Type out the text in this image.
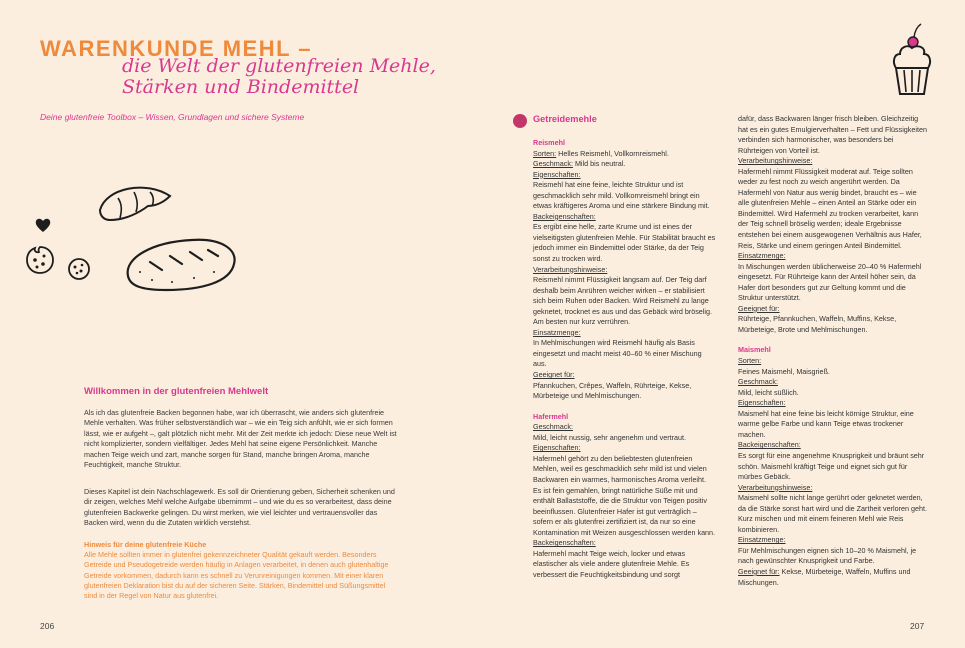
WARENKUNDE MEHL –
die Welt der glutenfreien Mehle,
Stärken und Bindemittel
Deine glutenfreie Toolbox – Wissen, Grundlagen und sichere Systeme
Willkommen in der glutenfreien Mehlwelt
Als ich das glutenfreie Backen begonnen habe, war ich überrascht, wie anders sich glutenfreie Mehle verhalten. Was früher selbstverständlich war – wie ein Teig sich anfühlt, wie er sich formen lässt, wie er aufgeht –, galt plötzlich nicht mehr. Mit der Zeit merkte ich jedoch: Diese neue Welt ist nicht komplizierter, sondern vielfältiger. Jedes Mehl hat seine eigene Persönlichkeit. Manche machen Teige weich und zart, manche sorgen für Stand, manche bringen Aroma, manche Feuchtigkeit, manche Struktur.
Dieses Kapitel ist dein Nachschlagewerk. Es soll dir Orientierung geben, Sicherheit schenken und dir zeigen, welches Mehl welche Aufgabe übernimmt – und wie du es so verarbeitest, dass deine glutenfreien Backwerke gelingen. Du wirst merken, wie viel leichter und vertrauensvoller das Backen wird, wenn du die Zutaten wirklich verstehst.
Hinweis für deine glutenfreie Küche
Alle Mehle sollten immer in glutenfrei gekennzeichneter Qualität gekauft werden. Besonders Getreide und Pseudogetreide werden häufig in Anlagen verarbeitet, in denen auch glutenhaltige Getreide vorkommen, dadurch kann es schnell zu Verunreinigungen kommen. Mit einer klaren glutenfreien Deklaration bist du auf der sicheren Seite. Stärken, Bindemittel und Süßungsmittel sind in der Regel von Natur aus glutenfrei.
206
Getreidemehle
Reismehl
Sorten: Helles Reismehl, Vollkornreismehl.
Geschmack: Mild bis neutral.
Eigenschaften:
Reismehl hat eine feine, leichte Struktur und ist geschmacklich sehr mild. Vollkornreismehl bringt ein etwas kräftigeres Aroma und eine stärkere Bindung mit.
Backeigenschaften:
Es ergibt eine helle, zarte Krume und ist eines der vielseitigsten glutenfreien Mehle. Für Stabilität braucht es jedoch immer ein Bindemittel oder Stärke, da der Teig sonst zu trocken wird.
Verarbeitungshinweise:
Reismehl nimmt Flüssigkeit langsam auf. Der Teig darf deshalb beim Anrühren weicher wirken – er stabilisiert sich beim Ruhen oder Backen. Wird Reismehl zu lange geknetet, trocknet es aus und das Gebäck wird bröselig. Am besten nur kurz verrühren.
Einsatzmenge:
In Mehlmischungen wird Reismehl häufig als Basis eingesetzt und macht meist 40–60 % einer Mischung aus.
Geeignet für:
Pfannkuchen, Crêpes, Waffeln, Rührteige, Kekse, Mürbeteige und Mehlmischungen.
Hafermehl
Geschmack:
Mild, leicht nussig, sehr angenehm und vertraut.
Eigenschaften:
Hafermehl gehört zu den beliebtesten glutenfreien Mehlen, weil es geschmacklich sehr mild ist und vielen Backwaren ein warmes, harmonisches Aroma verleiht. Es ist fein gemahlen, bringt natürliche Süße mit und enthält Ballaststoffe, die die Struktur von Teigen positiv beeinflussen. Glutenfreier Hafer ist gut verträglich – sofern er als glutenfrei zertifiziert ist, da nur so eine Kontamination mit Weizen ausgeschlossen werden kann.
Backeigenschaften:
Hafermehl macht Teige weich, locker und etwas elastischer als viele andere glutenfreie Mehle. Es verbessert die Feuchtigkeitsbindung und sorgt
dafür, dass Backwaren länger frisch bleiben. Gleichzeitig hat es ein gutes Emulgierverhalten – Fett und Flüssigkeiten verbinden sich harmonischer, was besonders bei Rührteigen von Vorteil ist.
Verarbeitungshinweise:
Hafermehl nimmt Flüssigkeit moderat auf. Teige sollten weder zu fest noch zu weich angerührt werden. Da Hafermehl von Natur aus wenig bindet, braucht es – wie alle glutenfreien Mehle – einen Anteil an Stärke oder ein Bindemittel. Wird Hafermehl zu trocken verarbeitet, kann der Teig schnell bröselig werden; ideale Ergebnisse entstehen bei einem ausgewogenen Verhältnis aus Hafer, Reis, Stärke und einem geringen Anteil Bindemittel.
Einsatzmenge:
In Mischungen werden üblicherweise 20–40 % Hafermehl eingesetzt. Für Rührteige kann der Anteil höher sein, da Hafer dort besonders gut zur Geltung kommt und die Struktur unterstützt.
Geeignet für:
Rührteige, Pfannkuchen, Waffeln, Muffins, Kekse, Mürbeteige, Brote und Mehlmischungen.
Maismehl
Sorten:
Feines Maismehl, Maisgrieß.
Geschmack:
Mild, leicht süßlich.
Eigenschaften:
Maismehl hat eine feine bis leicht körnige Struktur, eine warme gelbe Farbe und kann Teige etwas trockener machen.
Backeigenschaften:
Es sorgt für eine angenehme Knusprigkeit und bräunt sehr schön. Maismehl kräftigt Teige und eignet sich gut für mürbes Gebäck.
Verarbeitungshinweise:
Maismehl sollte nicht lange gerührt oder geknetet werden, da die Stärke sonst hart wird und die Zartheit verloren geht. Kurz mischen und mit einem feineren Mehl wie Reis kombinieren.
Einsatzmenge:
Für Mehlmischungen eignen sich 10–20 % Maismehl, je nach gewünschter Knusprigkeit und Farbe.
Geeignet für: Kekse, Mürbeteige, Waffeln, Muffins und Mischungen.
207
